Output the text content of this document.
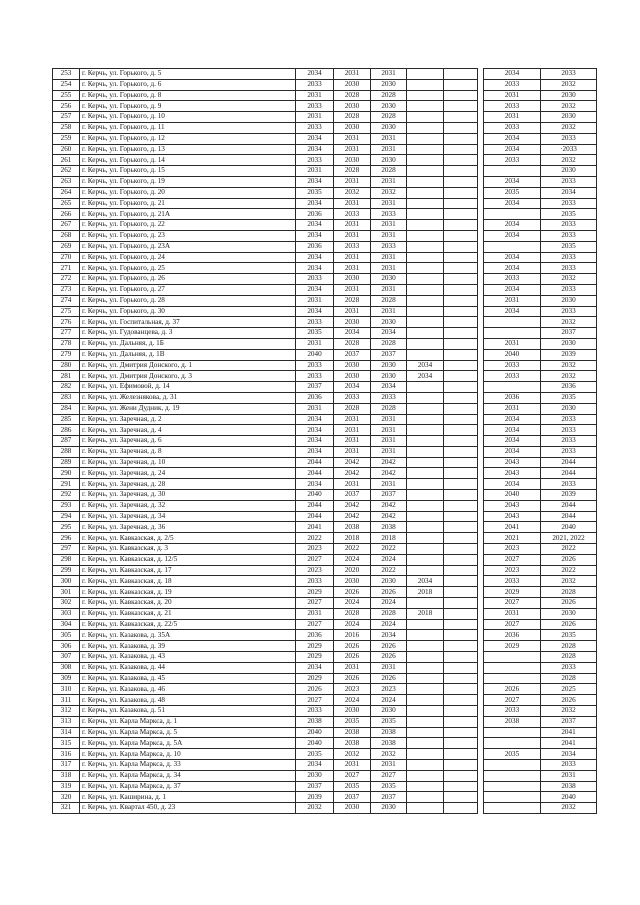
253	г. Керчь, ул. Горького, д. 5	2034	2031	2031				2034	2033
254	г. Керчь, ул. Горького, д. 6	2033	2030	2030				2033	2032
255	г. Керчь, ул. Горького, д. 8	2031	2028	2028				2031	2030
256	г. Керчь, ул. Горького, д. 9	2033	2030	2030				2033	2032
257	г. Керчь, ул. Горького, д. 10	2031	2028	2028				2031	2030
258	г. Керчь, ул. Горького, д. 11	2033	2030	2030				2033	2032
259	г. Керчь, ул. Горького, д. 12	2034	2031	2031				2034	2033
260	г. Керчь, ул. Горького, д. 13	2034	2031	2031				2034	·2033
261	г. Керчь, ул. Горького, д. 14	2033	2030	2030				2033	2032
262	г. Керчь, ул. Горького, д. 15	2031	2028	2028					2030
263	г. Керчь, ул. Горького, д. 19	2034	2031	2031				2034	2033
264	г. Керчь, ул. Горького, д. 20	2035	2032	2032				2035	2034
265	г. Керчь, ул. Горького, д. 21	2034	2031	2031				2034	2033
266	г. Керчь, ул. Горького, д. 21А	2036	2033	2033					2035
267	г. Керчь, ул. Горького, д. 22	2034	2031	2031				2034	2033
268	г. Керчь, ул. Горького, д. 23	2034	2031	2031				2034	2033
269	г. Керчь, ул. Горького, д. 23А	2036	2033	2033					2035
270	г. Керчь, ул. Горького, д. 24	2034	2031	2031				2034	2033
271	г. Керчь, ул. Горького, д. 25	2034	2031	2031				2034	2033
272	г. Керчь, ул. Горького, д. 26	2033	2030	2030				2033	2032
273	г. Керчь, ул. Горького, д. 27	2034	2031	2031				2034	2033
274	г. Керчь, ул. Горького, д. 28	2031	2028	2028				2031	2030
275	г. Керчь, ул. Горького, д. 30	2034	2031	2031				2034	2033
276	г. Керчь, ул. Госпитальная, д. 37	2033	2030	2030					2032
277	г. Керчь, ул. Гудованцева, д. 3	2035	2034	2034					2037
278	г. Керчь, ул. Дальняя, д. 1Б	2031	2028	2028				2031	2030
279	г. Керчь, ул. Дальняя, д. 1В	2040	2037	2037				2040	2039
280	г. Керчь, ул. Дмитрия Донского, д. 1	2033	2030	2030	2034			2033	2032
281	г. Керчь, ул. Дмитрия Донского, д. 3	2033	2030	2030	2034			2033	2032
282	г. Керчь, ул. Ефимовой, д. 14	2037	2034	2034					2036
283	г. Керчь, ул. Железнякова, д. 31	2036	2033	2033				2036	2035
284	г. Керчь, ул. Жени Дудник, д. 19	2031	2028	2028				2031	2030
285	г. Керчь, ул. Заречная, д. 2	2034	2031	2031				2034	2033
286	г. Керчь, ул. Заречная, д. 4	2034	2031	2031				2034	2033
287	г. Керчь, ул. Заречная, д. 6	2034	2031	2031				2034	2033
288	г. Керчь, ул. Заречная, д. 8	2034	2031	2031				2034	2033
289	г. Керчь, ул. Заречная, д. 10	2044	2042	2042				2043	2044
290	г. Керчь, ул. Заречная, д. 24	2044	2042	2042				2043	2044
291	г. Керчь, ул. Заречная, д. 28	2034	2031	2031				2034	2033
292	г. Керчь, ул. Заречная, д. 30	2040	2037	2037				2040	2039
293	г. Керчь, ул. Заречная, д. 32	2044	2042	2042				2043	2044
294	г. Керчь, ул. Заречная, д. 34	2044	2042	2042				2043	2044
295	г. Керчь, ул. Заречная, д. 36	2041	2038	2038				2041	2040
296	г. Керчь, ул. Кавказская, д. 2/5	2022	2018	2018				2021	2021, 2022
297	г. Керчь, ул. Кавказская, д. 3	2023	2022	2022				2023	2022
298	г. Керчь, ул. Кавказская, д. 12/5	2027	2024	2024				2027	2026
299	г. Керчь, ул. Кавказская, д. 17	2023	2020	2022				2023	2022
300	г. Керчь, ул. Кавказская, д. 18	2033	2030	2030	2034			2033	2032
301	г. Керчь, ул. Кавказская, д. 19	2029	2026	2026	2018			2029	2028
302	г. Керчь, ул. Кавказская, д. 20	2027	2024	2024				2027	2026
303	г. Керчь, ул. Кавказская, д. 21	2031	2028	2028	2018			2031	2030
304	г. Керчь, ул. Кавказская, д. 22/5	2027	2024	2024				2027	2026
305	г. Керчь, ул. Казакова, д. 35А	2036	2016	2034				2036	2035
306	г. Керчь, ул. Казакова, д. 39	2029	2026	2026				2029	2028
307	г. Керчь, ул. Казакова, д. 43	2029	2026	2026					2028
308	г. Керчь, ул. Казакова, д. 44	2034	2031	2031					2033
309	г. Керчь, ул. Казакова, д. 45	2029	2026	2026					2028
310	г. Керчь, ул. Казакова, д. 46	2026	2023	2023				2026	2025
311	г. Керчь, ул. Казакова, д. 48	2027	2024	2024				2027	2026
312	г. Керчь, ул. Казакова, д. 51	2033	2030	2030				2033	2032
313	г. Керчь, ул. Карла Маркса, д. 1	2038	2035	2035				2038	2037
314	г. Керчь, ул. Карла Маркса, д. 5	2040	2038	2038					2041
315	г. Керчь, ул. Карла Маркса, д. 5А	2040	2038	2038					2041
316	г. Керчь, ул. Карла Маркса, д. 10	2035	2032	2032				2035	2034
317	г. Керчь, ул. Карла Маркса, д. 33	2034	2031	2031					2033
318	г. Керчь, ул. Карла Маркса, д. 34	2030	2027	2027					2031
319	г. Керчь, ул. Карла Маркса, д. 37	2037	2035	2035					2038
320	г. Керчь, ул. Каширина, д. 1	2039	2037	2037					2040
321	г. Керчь, ул. Квартал 450, д. 23	2032	2030	2030					2032
